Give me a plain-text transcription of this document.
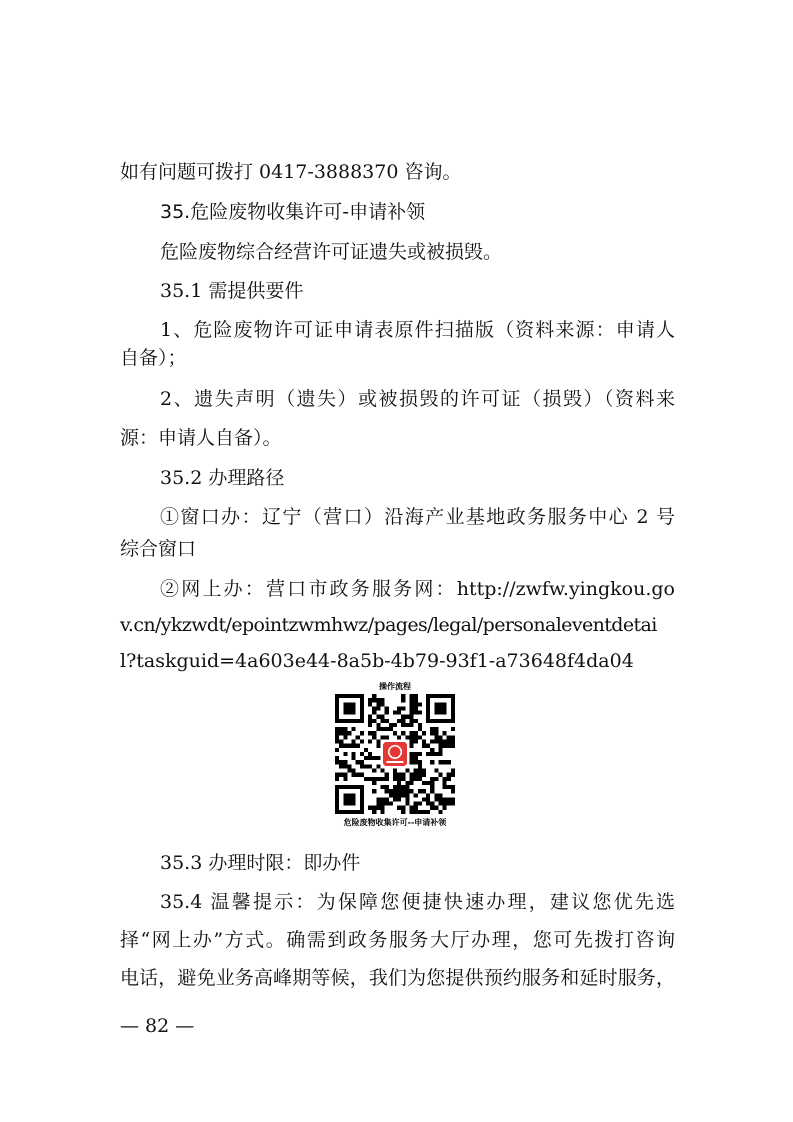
如有问题可拨打 0417-3888370 咨询。
35.危险废物收集许可-申请补领
危险废物综合经营许可证遗失或被损毁。
35.1 需提供要件
1、危险废物许可证申请表原件扫描版（资料来源：申请人
自备）；
2、遗失声明（遗失）或被损毁的许可证（损毁）（资料来
源：申请人自备）。
35.2 办理路径
①窗口办：辽宁（营口）沿海产业基地政务服务中心 2 号
综合窗口
②网上办：营口市政务服务网：http://zwfw.yingkou.go
v.cn/ykzwdt/epointzwmhwz/pages/legal/personaleventdetai
l?taskguid=4a603e44-8a5b-4b79-93f1-a73648f4da04
操作流程
危险废物收集许可--申请补领
35.3 办理时限：即办件
35.4 温馨提示：为保障您便捷快速办理，建议您优先选
择“网上办”方式。确需到政务服务大厅办理，您可先拨打咨询
电话，避免业务高峰期等候，我们为您提供预约服务和延时服务，
— 82 —
